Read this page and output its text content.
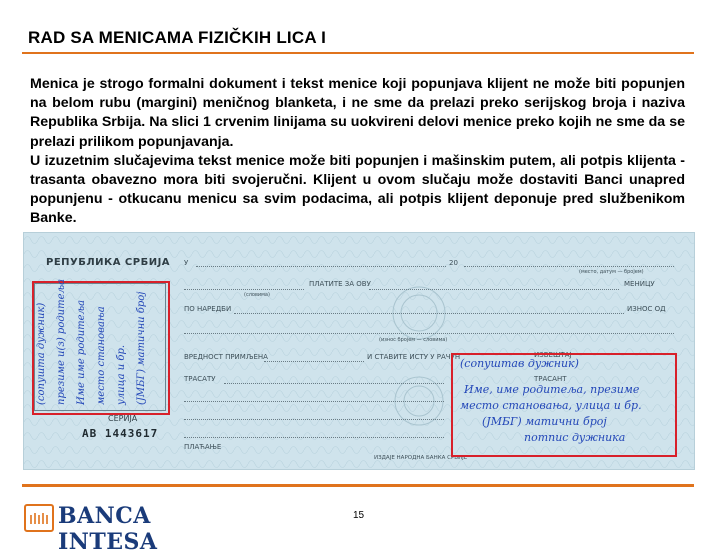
RAD SA MENICAMA FIZIČKIH LICA I

Menica je strogo formalni dokument i tekst menice koji popunjava klijent ne može biti popunjen na belom rubu (margini) meničnog blanketa, i ne sme da prelazi preko serijskog broja i naziva Republika Srbija. Na slici 1 crvenim linijama su uokvireni delovi menice preko kojih ne sme da se prelazi prilikom popunjavanja.

U izuzetnim slučajevima tekst menice može biti popunjen i mašinskim putem, ali potpis klijenta - trasanta obavezno mora biti svojeručni. Klijent u ovom slučaju može dostaviti Banci unapred popunjenu - otkucanu menicu sa svim podacima, ali potpis klijent deponuje pred službenikom Banke.

РЕПУБЛИКА СРБИЈА У	20
(место, датум — бројем)
ПЛАТИТЕ ЗА ОВУ	МЕНИЦУ
(словима)
ПО НАРЕДБИ	ИЗНОС ОД
(износ бројем — словима)
ВРЕДНОСТ ПРИМЉЕНА	И СТАВИТЕ ИСТУ У РАЧУН	ИЗВЕШТАЈ
ТРАСАТУ	ТРАСАНТ
ПЛАЋАЊЕ
ИЗДАЈЕ НАРОДНА БАНКА СРБИЈЕ
СЕРИЈА
АВ 1443617
(сопуштав дужник)
Име, име родитеља, презиме
место становања, улица и бр.
(ЈМБГ) матични број
потпис дужника
(сопушта дужник) презиме и(з) родитеља Име име родитеља место становања улица и бр. (ЈМБГ) матични број
BANCA INTESA
15
